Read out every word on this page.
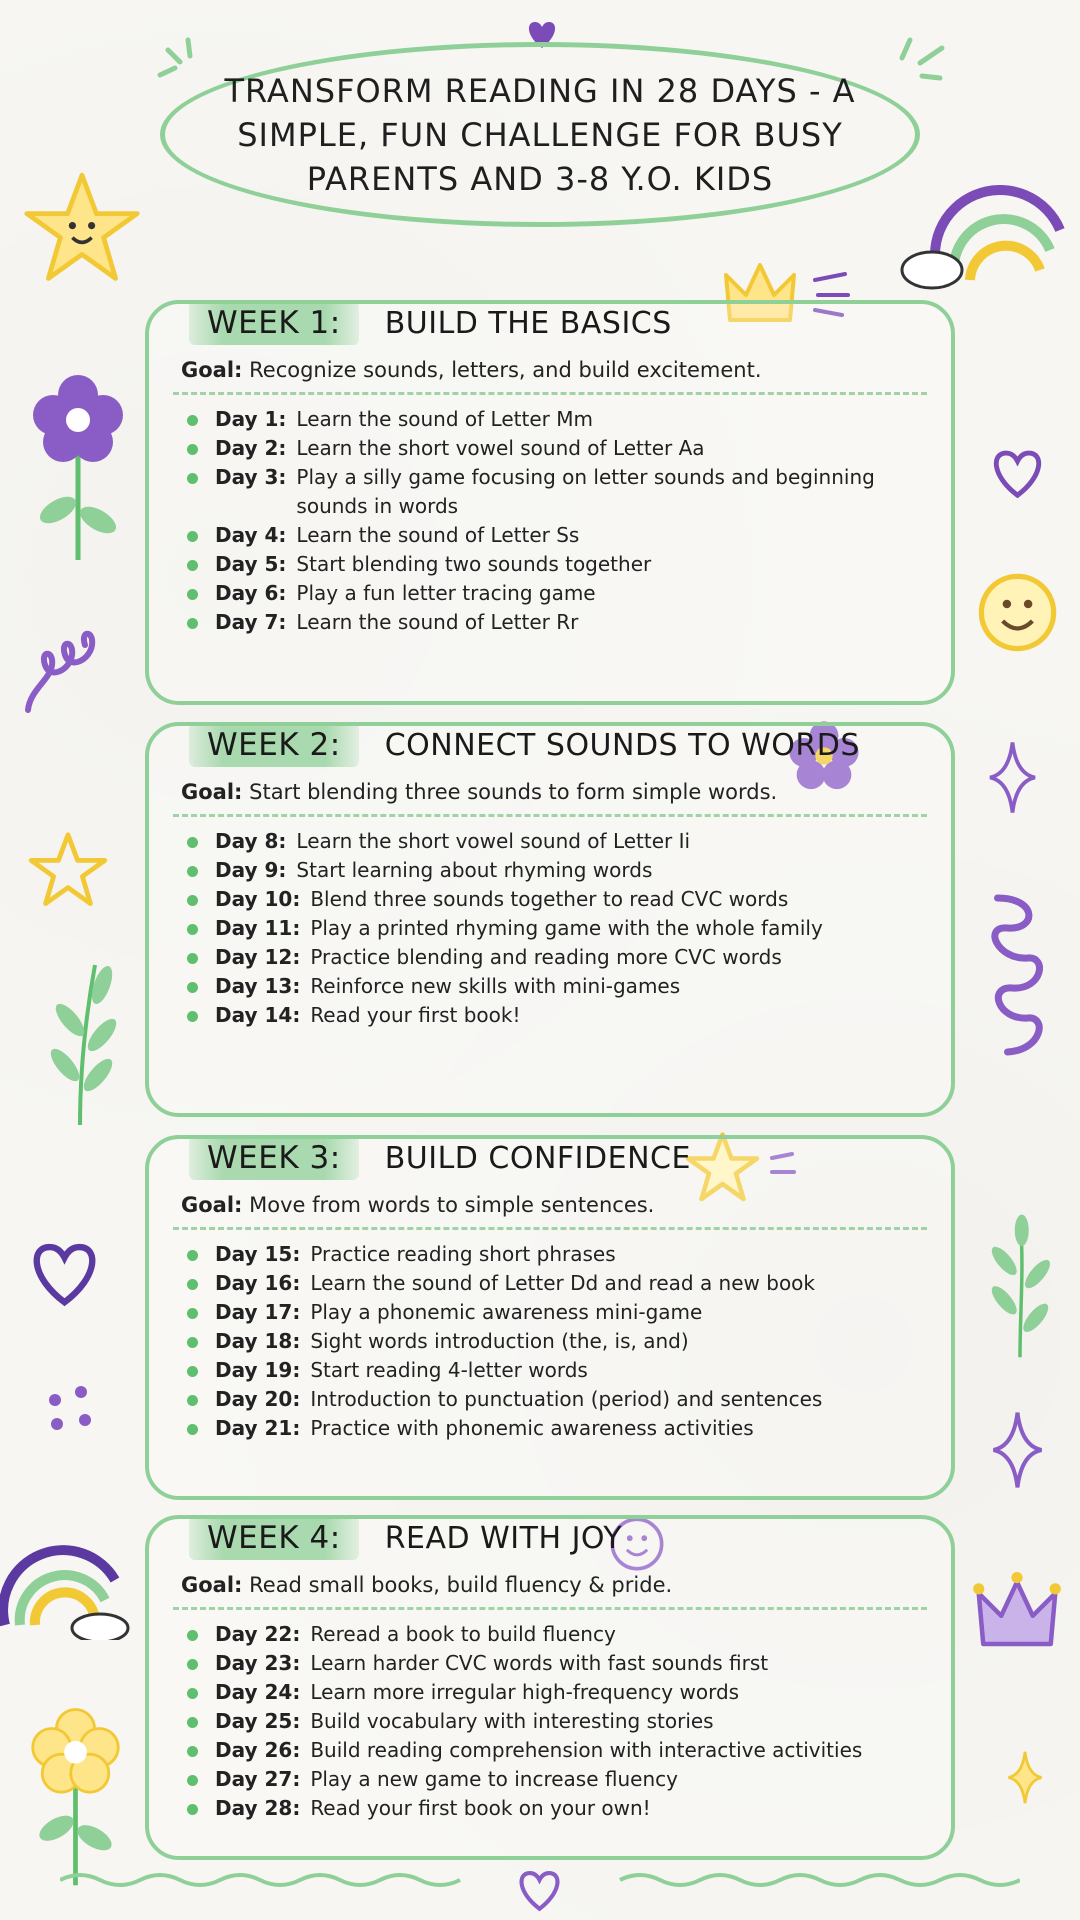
TRANSFORM READING IN 28 DAYS - A SIMPLE, FUN CHALLENGE FOR BUSY PARENTS AND 3-8 Y.O. KIDS
WEEK 1:	BUILD THE BASICS
Goal: Recognize sounds, letters, and build excitement.
Day 1: Learn the sound of Letter Mm
Day 2: Learn the short vowel sound of Letter Aa
Day 3: Play a silly game focusing on letter sounds and beginning sounds in words
Day 4: Learn the sound of Letter Ss
Day 5: Start blending two sounds together
Day 6: Play a fun letter tracing game
Day 7: Learn the sound of Letter Rr
WEEK 2:	CONNECT SOUNDS TO WORDS
Goal: Start blending three sounds to form simple words.
Day 8: Learn the short vowel sound of Letter Ii
Day 9: Start learning about rhyming words
Day 10: Blend three sounds together to read CVC words
Day 11: Play a printed rhyming game with the whole family
Day 12: Practice blending and reading more CVC words
Day 13: Reinforce new skills with mini-games
Day 14: Read your first book!
WEEK 3:	BUILD CONFIDENCE
Goal: Move from words to simple sentences.
Day 15: Practice reading short phrases
Day 16: Learn the sound of Letter Dd and read a new book
Day 17: Play a phonemic awareness mini-game
Day 18: Sight words introduction (the, is, and)
Day 19: Start reading 4-letter words
Day 20: Introduction to punctuation (period) and sentences
Day 21: Practice with phonemic awareness activities
WEEK 4:	READ WITH JOY
Goal: Read small books, build fluency & pride.
Day 22: Reread a book to build fluency
Day 23: Learn harder CVC words with fast sounds first
Day 24: Learn more irregular high-frequency words
Day 25: Build vocabulary with interesting stories
Day 26: Build reading comprehension with interactive activities
Day 27: Play a new game to increase fluency
Day 28: Read your first book on your own!
